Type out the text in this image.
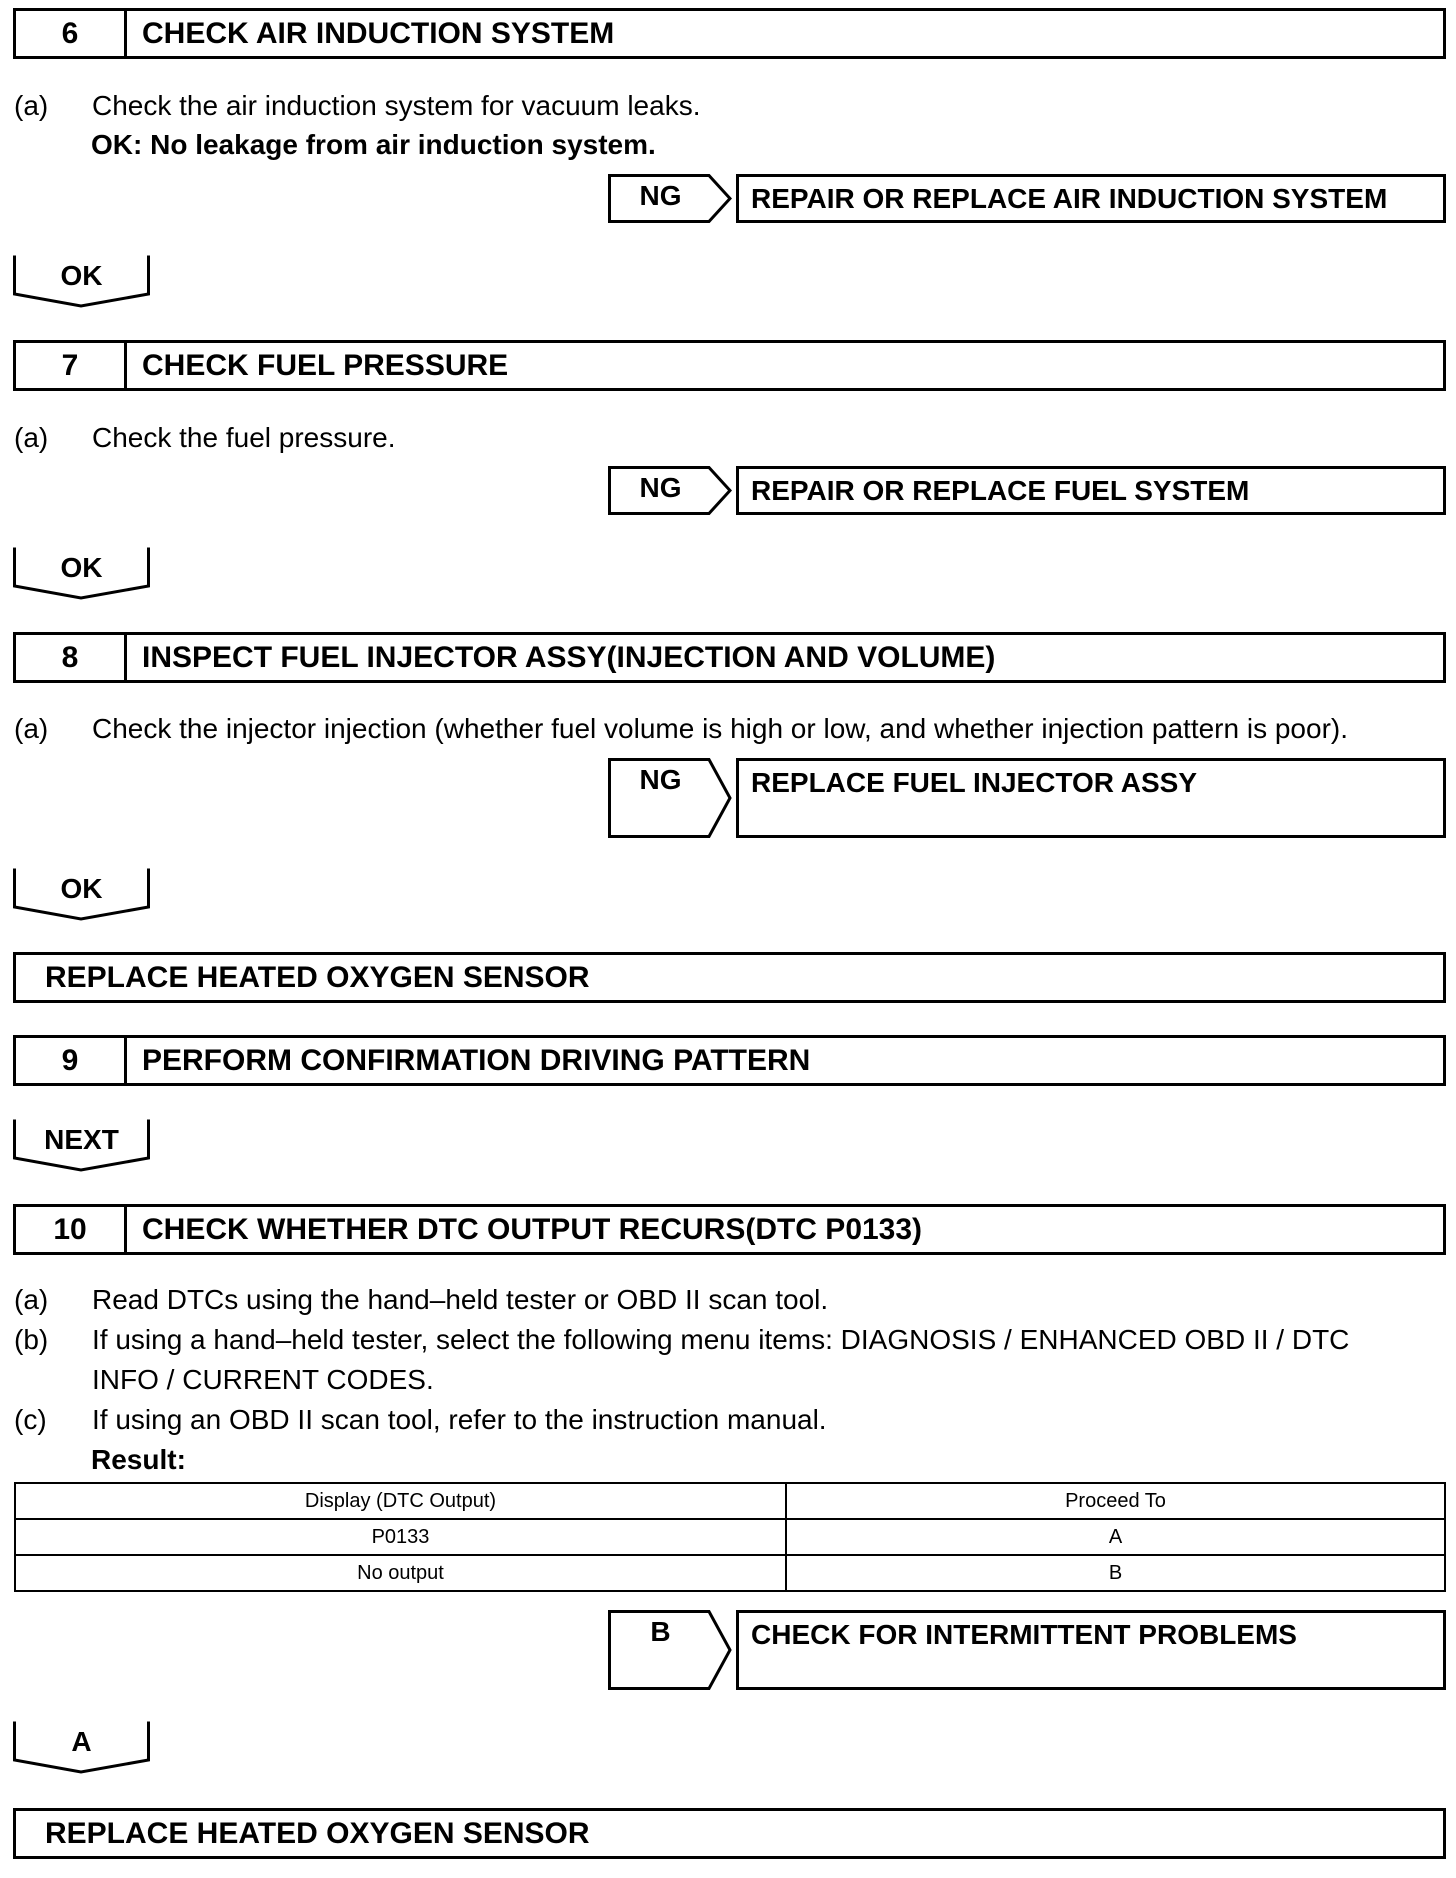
6	CHECK AIR INDUCTION SYSTEM
(a) Check the air induction system for vacuum leaks.
OK: No leakage from air induction system.
NG	REPAIR OR REPLACE AIR INDUCTION SYSTEM
OK
7	CHECK FUEL PRESSURE
(a) Check the fuel pressure.
NG	REPAIR OR REPLACE FUEL SYSTEM
OK
8	INSPECT FUEL INJECTOR ASSY(INJECTION AND VOLUME)
(a) Check the injector injection (whether fuel volume is high or low, and whether injection pattern is poor).
NG	REPLACE FUEL INJECTOR ASSY
OK
REPLACE HEATED OXYGEN SENSOR
9	PERFORM CONFIRMATION DRIVING PATTERN
NEXT
10	CHECK WHETHER DTC OUTPUT RECURS(DTC P0133)
(a) Read DTCs using the hand–held tester or OBD II scan tool.
(b) If using a hand–held tester, select the following menu items: DIAGNOSIS / ENHANCED OBD II / DTC
INFO / CURRENT CODES.
(c) If using an OBD II scan tool, refer to the instruction manual.
Result:
Display (DTC Output)	Proceed To
P0133	A
No output	B
B	CHECK FOR INTERMITTENT PROBLEMS
A
REPLACE HEATED OXYGEN SENSOR
